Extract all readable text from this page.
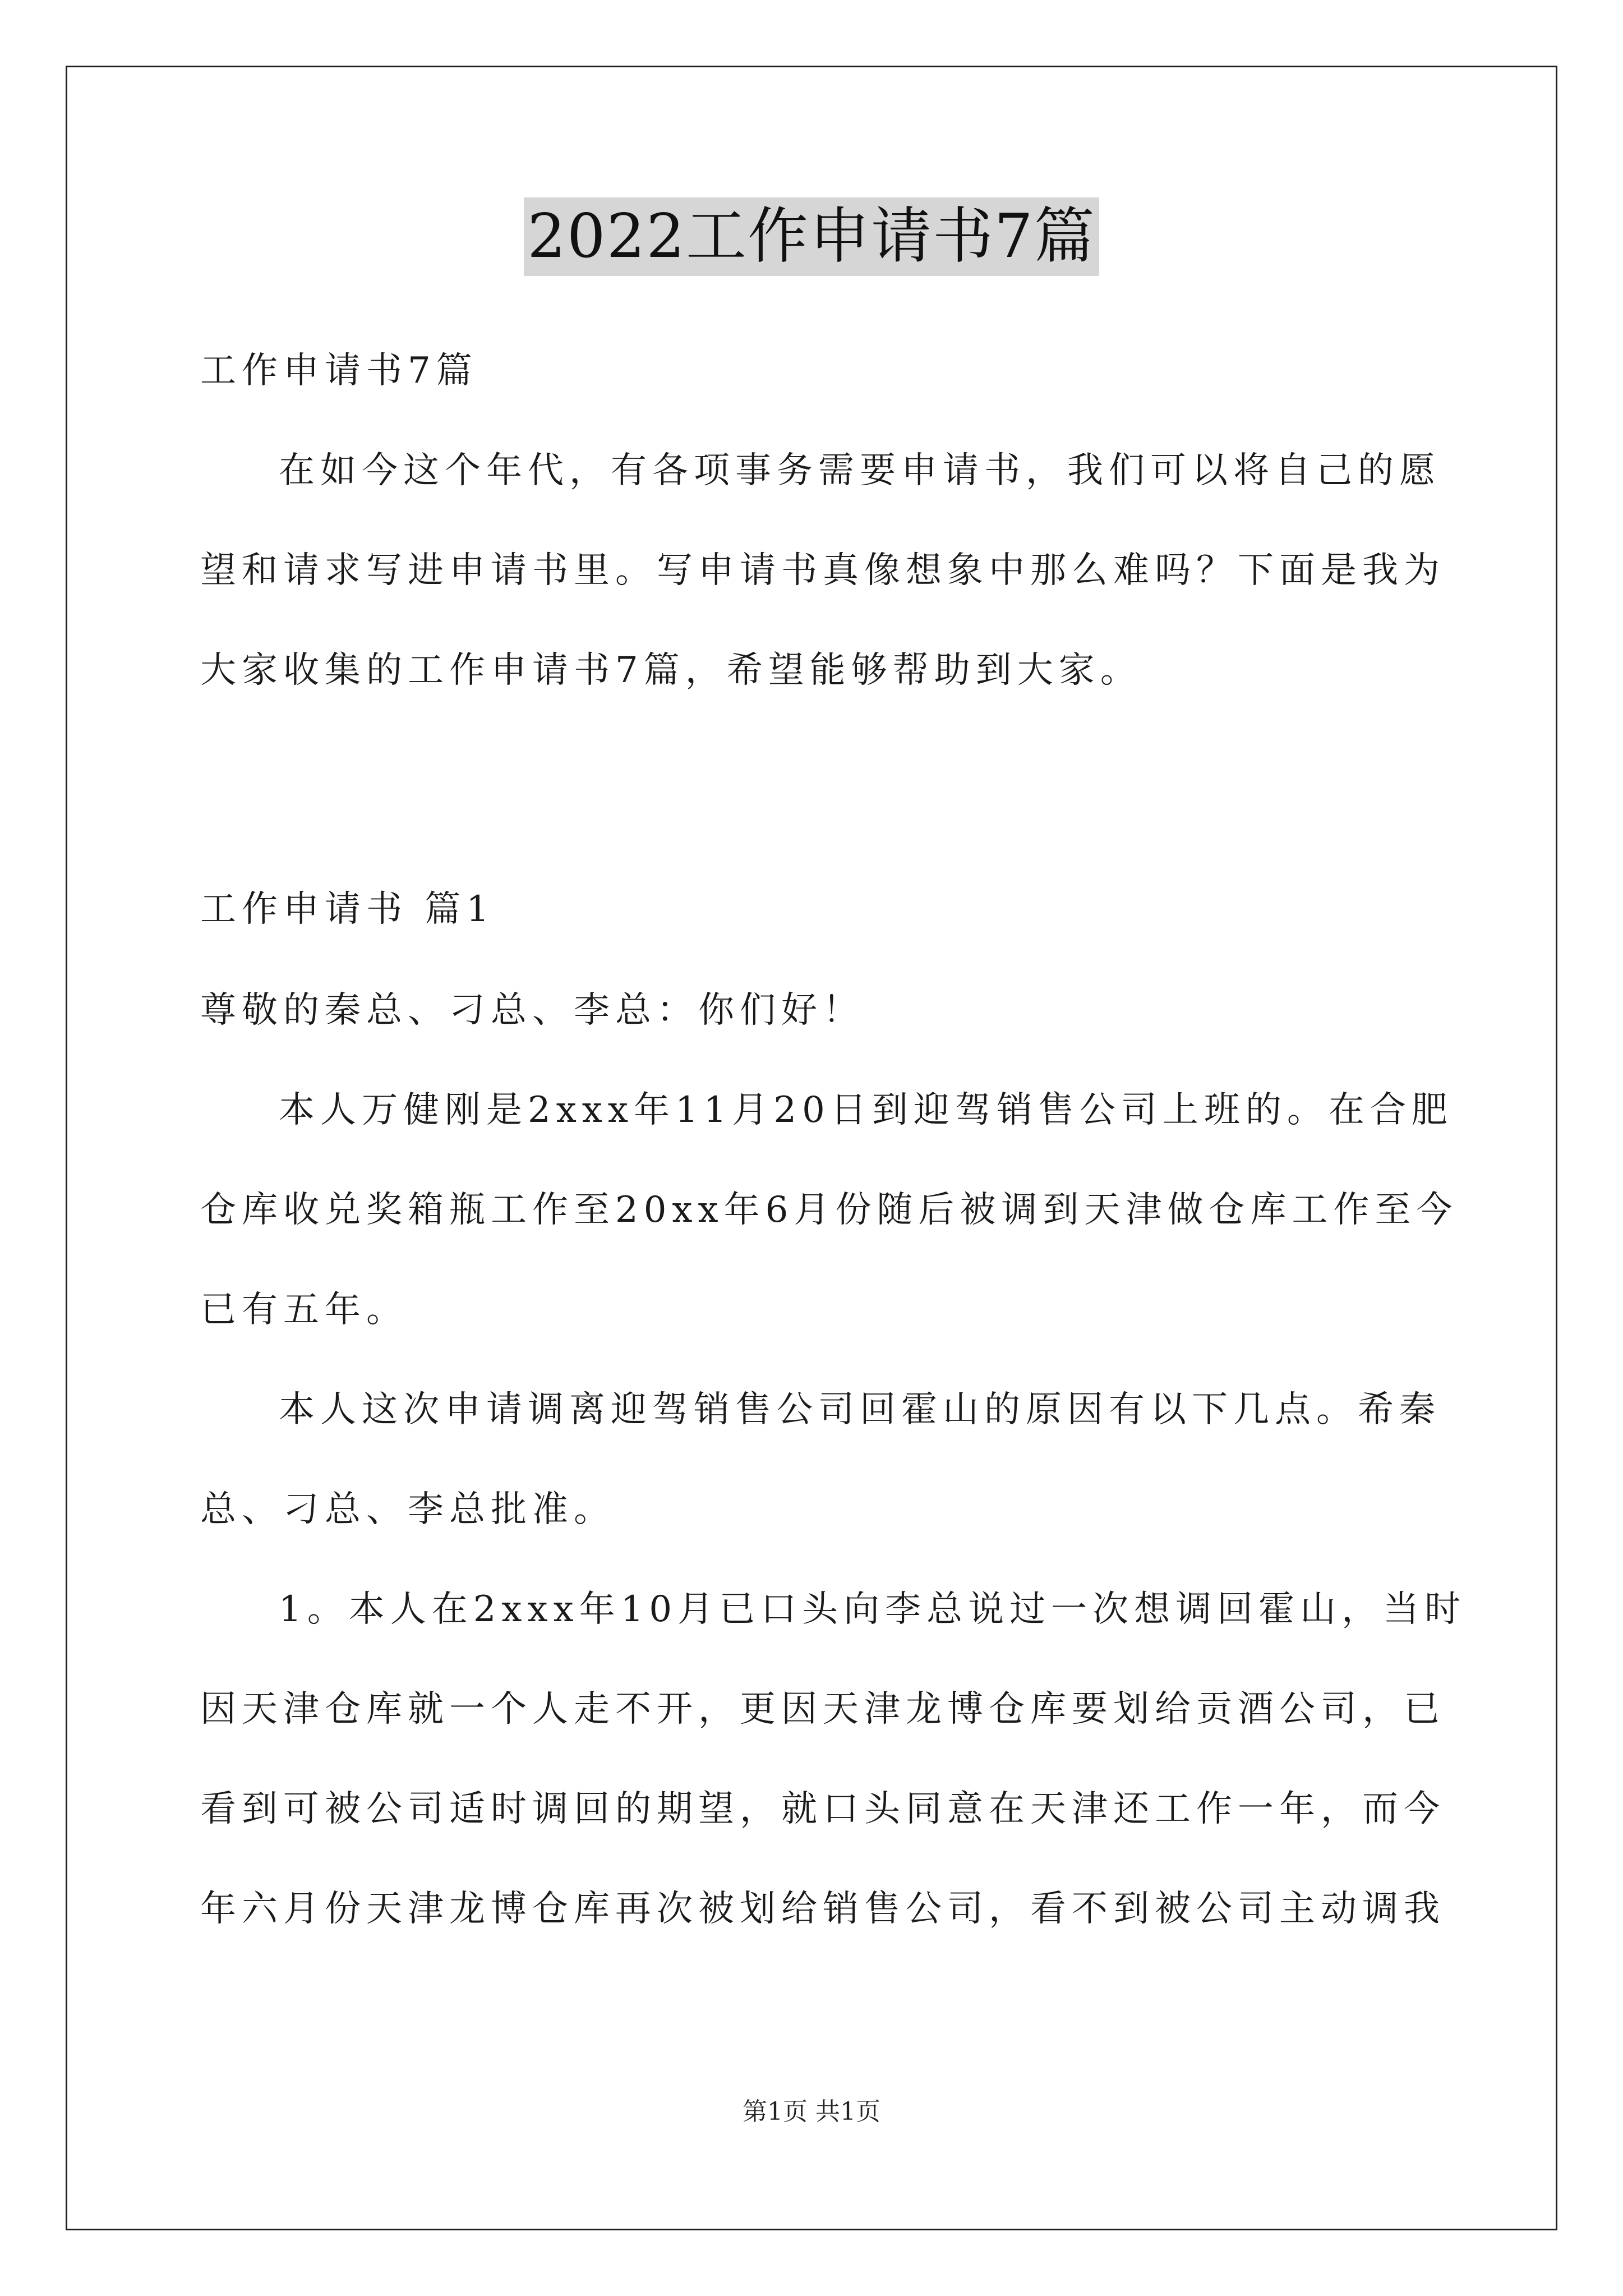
2022工作申请书7篇
工作申请书7篇
在如今这个年代，有各项事务需要申请书，我们可以将自己的愿
望和请求写进申请书里。写申请书真像想象中那么难吗？下面是我为
大家收集的工作申请书7篇，希望能够帮助到大家。
工作申请书 篇1
尊敬的秦总、刁总、李总：你们好！
本人万健刚是2xxx年11月20日到迎驾销售公司上班的。在合肥
仓库收兑奖箱瓶工作至20xx年6月份随后被调到天津做仓库工作至今
已有五年。
本人这次申请调离迎驾销售公司回霍山的原因有以下几点。希秦
总、刁总、李总批准。
1。本人在2xxx年10月已口头向李总说过一次想调回霍山，当时
因天津仓库就一个人走不开，更因天津龙博仓库要划给贡酒公司，已
看到可被公司适时调回的期望，就口头同意在天津还工作一年，而今
年六月份天津龙博仓库再次被划给销售公司，看不到被公司主动调我
第1页 共1页
